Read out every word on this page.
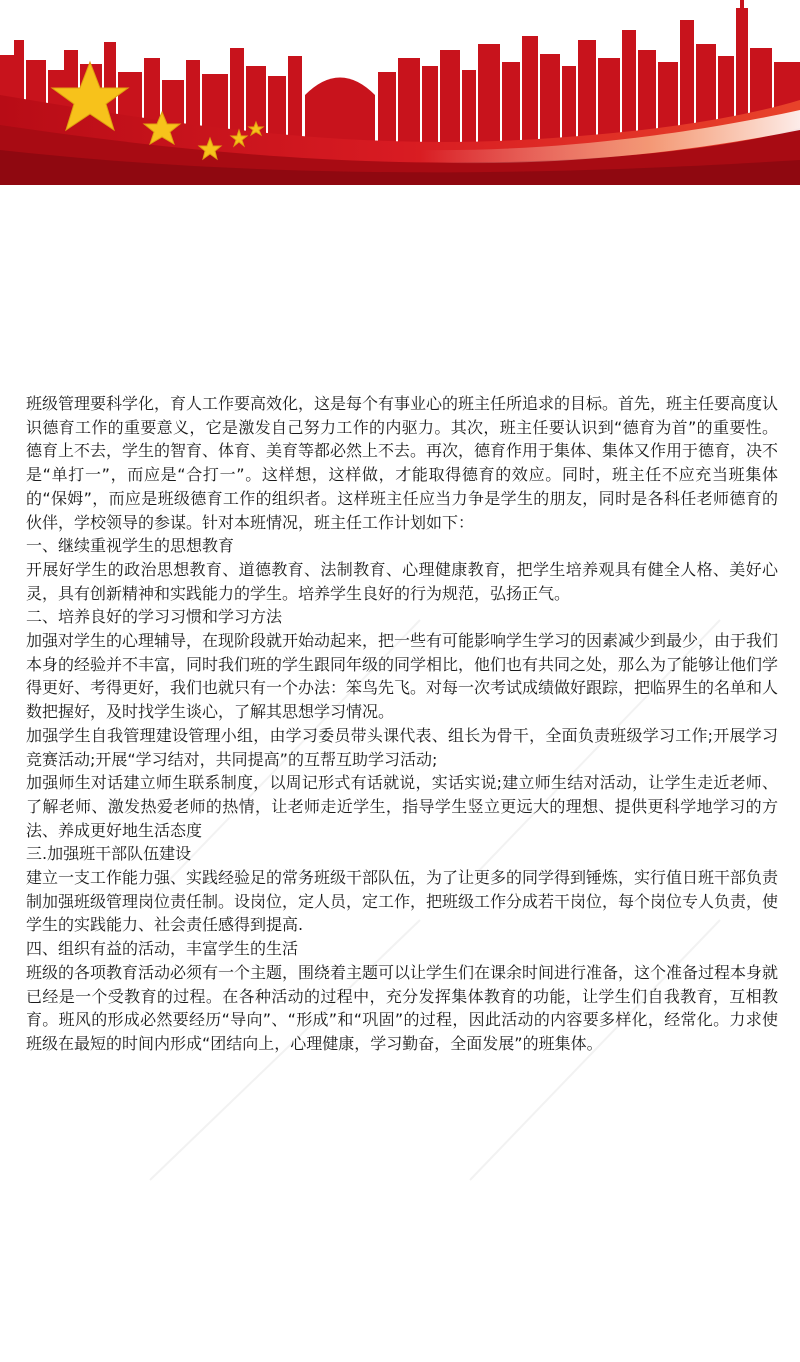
班级管理要科学化，育人工作要高效化，这是每个有事业心的班主任所追求的目标。首先，班主任要高度认识德育工作的重要意义，它是激发自己努力工作的内驱力。其次，班主任要认识到“德育为首”的重要性。德育上不去，学生的智育、体育、美育等都必然上不去。再次，德育作用于集体、集体又作用于德育，决不是“单打一”，而应是“合打一”。这样想，这样做，才能取得德育的效应。同时，班主任不应充当班集体的“保姆”，而应是班级德育工作的组织者。这样班主任应当力争是学生的朋友，同时是各科任老师德育的伙伴，学校领导的参谋。针对本班情况，班主任工作计划如下：

一、继续重视学生的思想教育

开展好学生的政治思想教育、道德教育、法制教育、心理健康教育，把学生培养观具有健全人格、美好心灵，具有创新精神和实践能力的学生。培养学生良好的行为规范，弘扬正气。

二、培养良好的学习习惯和学习方法

加强对学生的心理辅导，在现阶段就开始动起来，把一些有可能影响学生学习的因素减少到最少，由于我们本身的经验并不丰富，同时我们班的学生跟同年级的同学相比，他们也有共同之处，那么为了能够让他们学得更好、考得更好，我们也就只有一个办法：笨鸟先飞。对每一次考试成绩做好跟踪，把临界生的名单和人数把握好，及时找学生谈心，了解其思想学习情况。

加强学生自我管理建设管理小组，由学习委员带头课代表、组长为骨干，全面负责班级学习工作;开展学习竞赛活动;开展“学习结对，共同提高”的互帮互助学习活动;

加强师生对话建立师生联系制度，以周记形式有话就说，实话实说;建立师生结对活动，让学生走近老师、了解老师、激发热爱老师的热情，让老师走近学生，指导学生竖立更远大的理想、提供更科学地学习的方法、养成更好地生活态度

三.加强班干部队伍建设

建立一支工作能力强、实践经验足的常务班级干部队伍，为了让更多的同学得到锤炼，实行值日班干部负责制加强班级管理岗位责任制。设岗位，定人员，定工作，把班级工作分成若干岗位，每个岗位专人负责，使学生的实践能力、社会责任感得到提高.

四、组织有益的活动，丰富学生的生活

班级的各项教育活动必须有一个主题，围绕着主题可以让学生们在课余时间进行准备，这个准备过程本身就已经是一个受教育的过程。在各种活动的过程中，充分发挥集体教育的功能，让学生们自我教育，互相教育。班风的形成必然要经历“导向”、“形成”和“巩固”的过程，因此活动的内容要多样化，经常化。力求使班级在最短的时间内形成“团结向上，心理健康，学习勤奋，全面发展”的班集体。
